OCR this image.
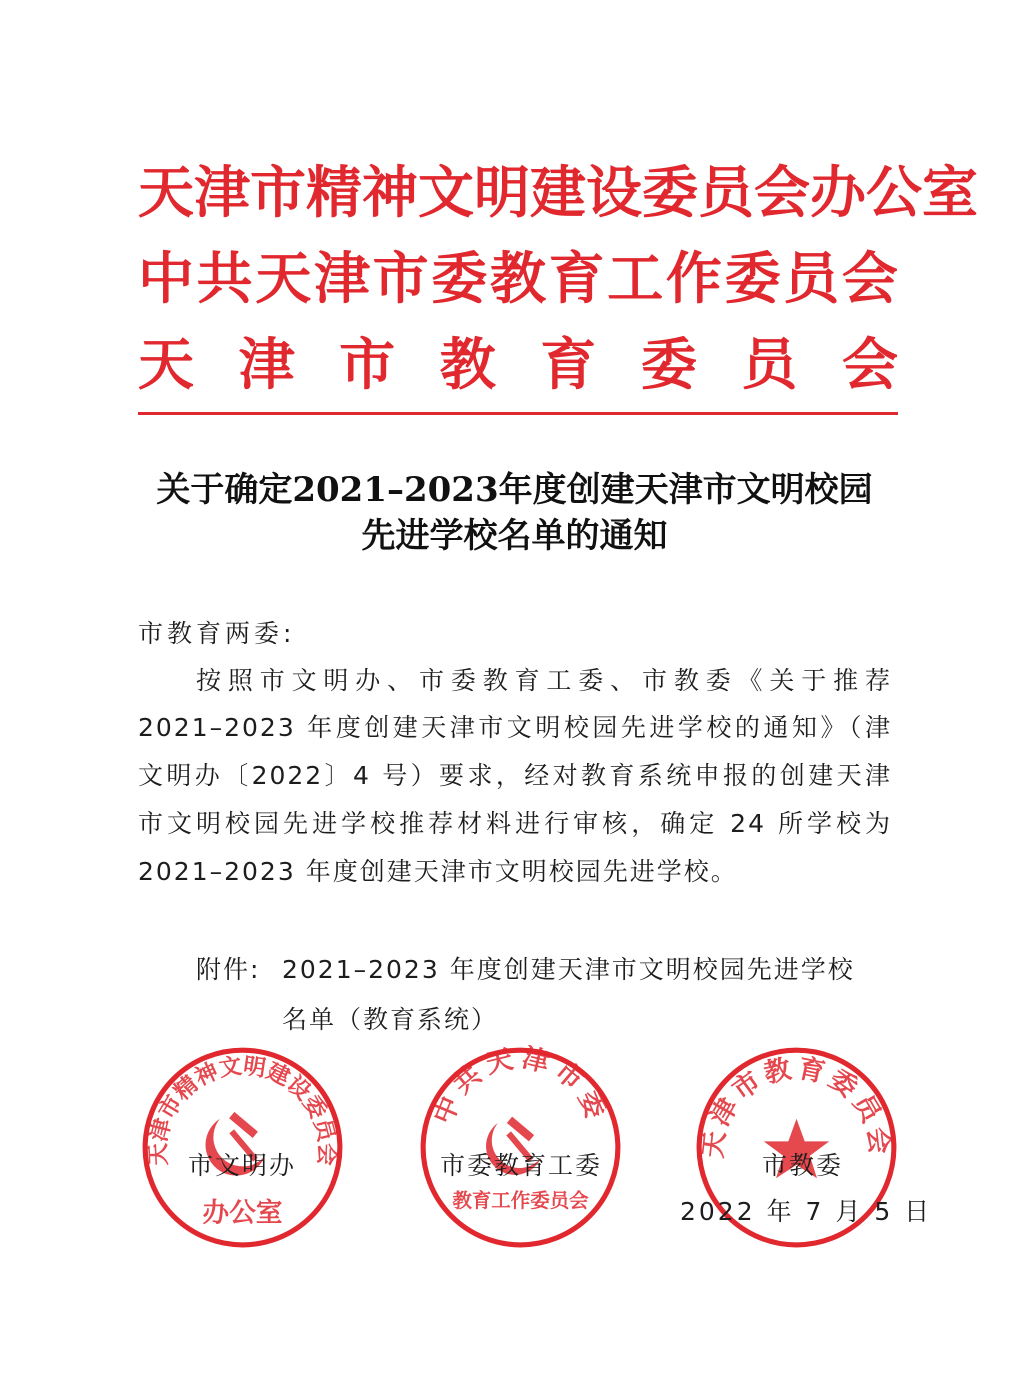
天 津 市 精 神 文 明 建 设 委 员 会 办 公 室
中 共 天 津 市 委 教 育 工 作 委 员 会
天 津 市 教 育 委 员 会
关于确定2021–2023年度创建天津市文明校园
先进学校名单的通知
市教育两委:
按照市文明办、市委教育工委、市教委《关于推荐
2021–2023 年度创建天津市文明校园先进学校的通知》（津
文明办〔2022〕4 号）要求，经对教育系统申报的创建天津
市文明校园先进学校推荐材料进行审核，确定 24 所学校为
2021–2023 年度创建天津市文明校园先进学校。
附件: 2021–2023 年度创建天津市文明校园先进学校
名单（教育系统）
天津市精神文明建设委员会
办公室
中共天津市委
教育工作委员会
天津市教育委员会
市文明办	市委教育工委	市教委
2022 年 7 月 5 日
